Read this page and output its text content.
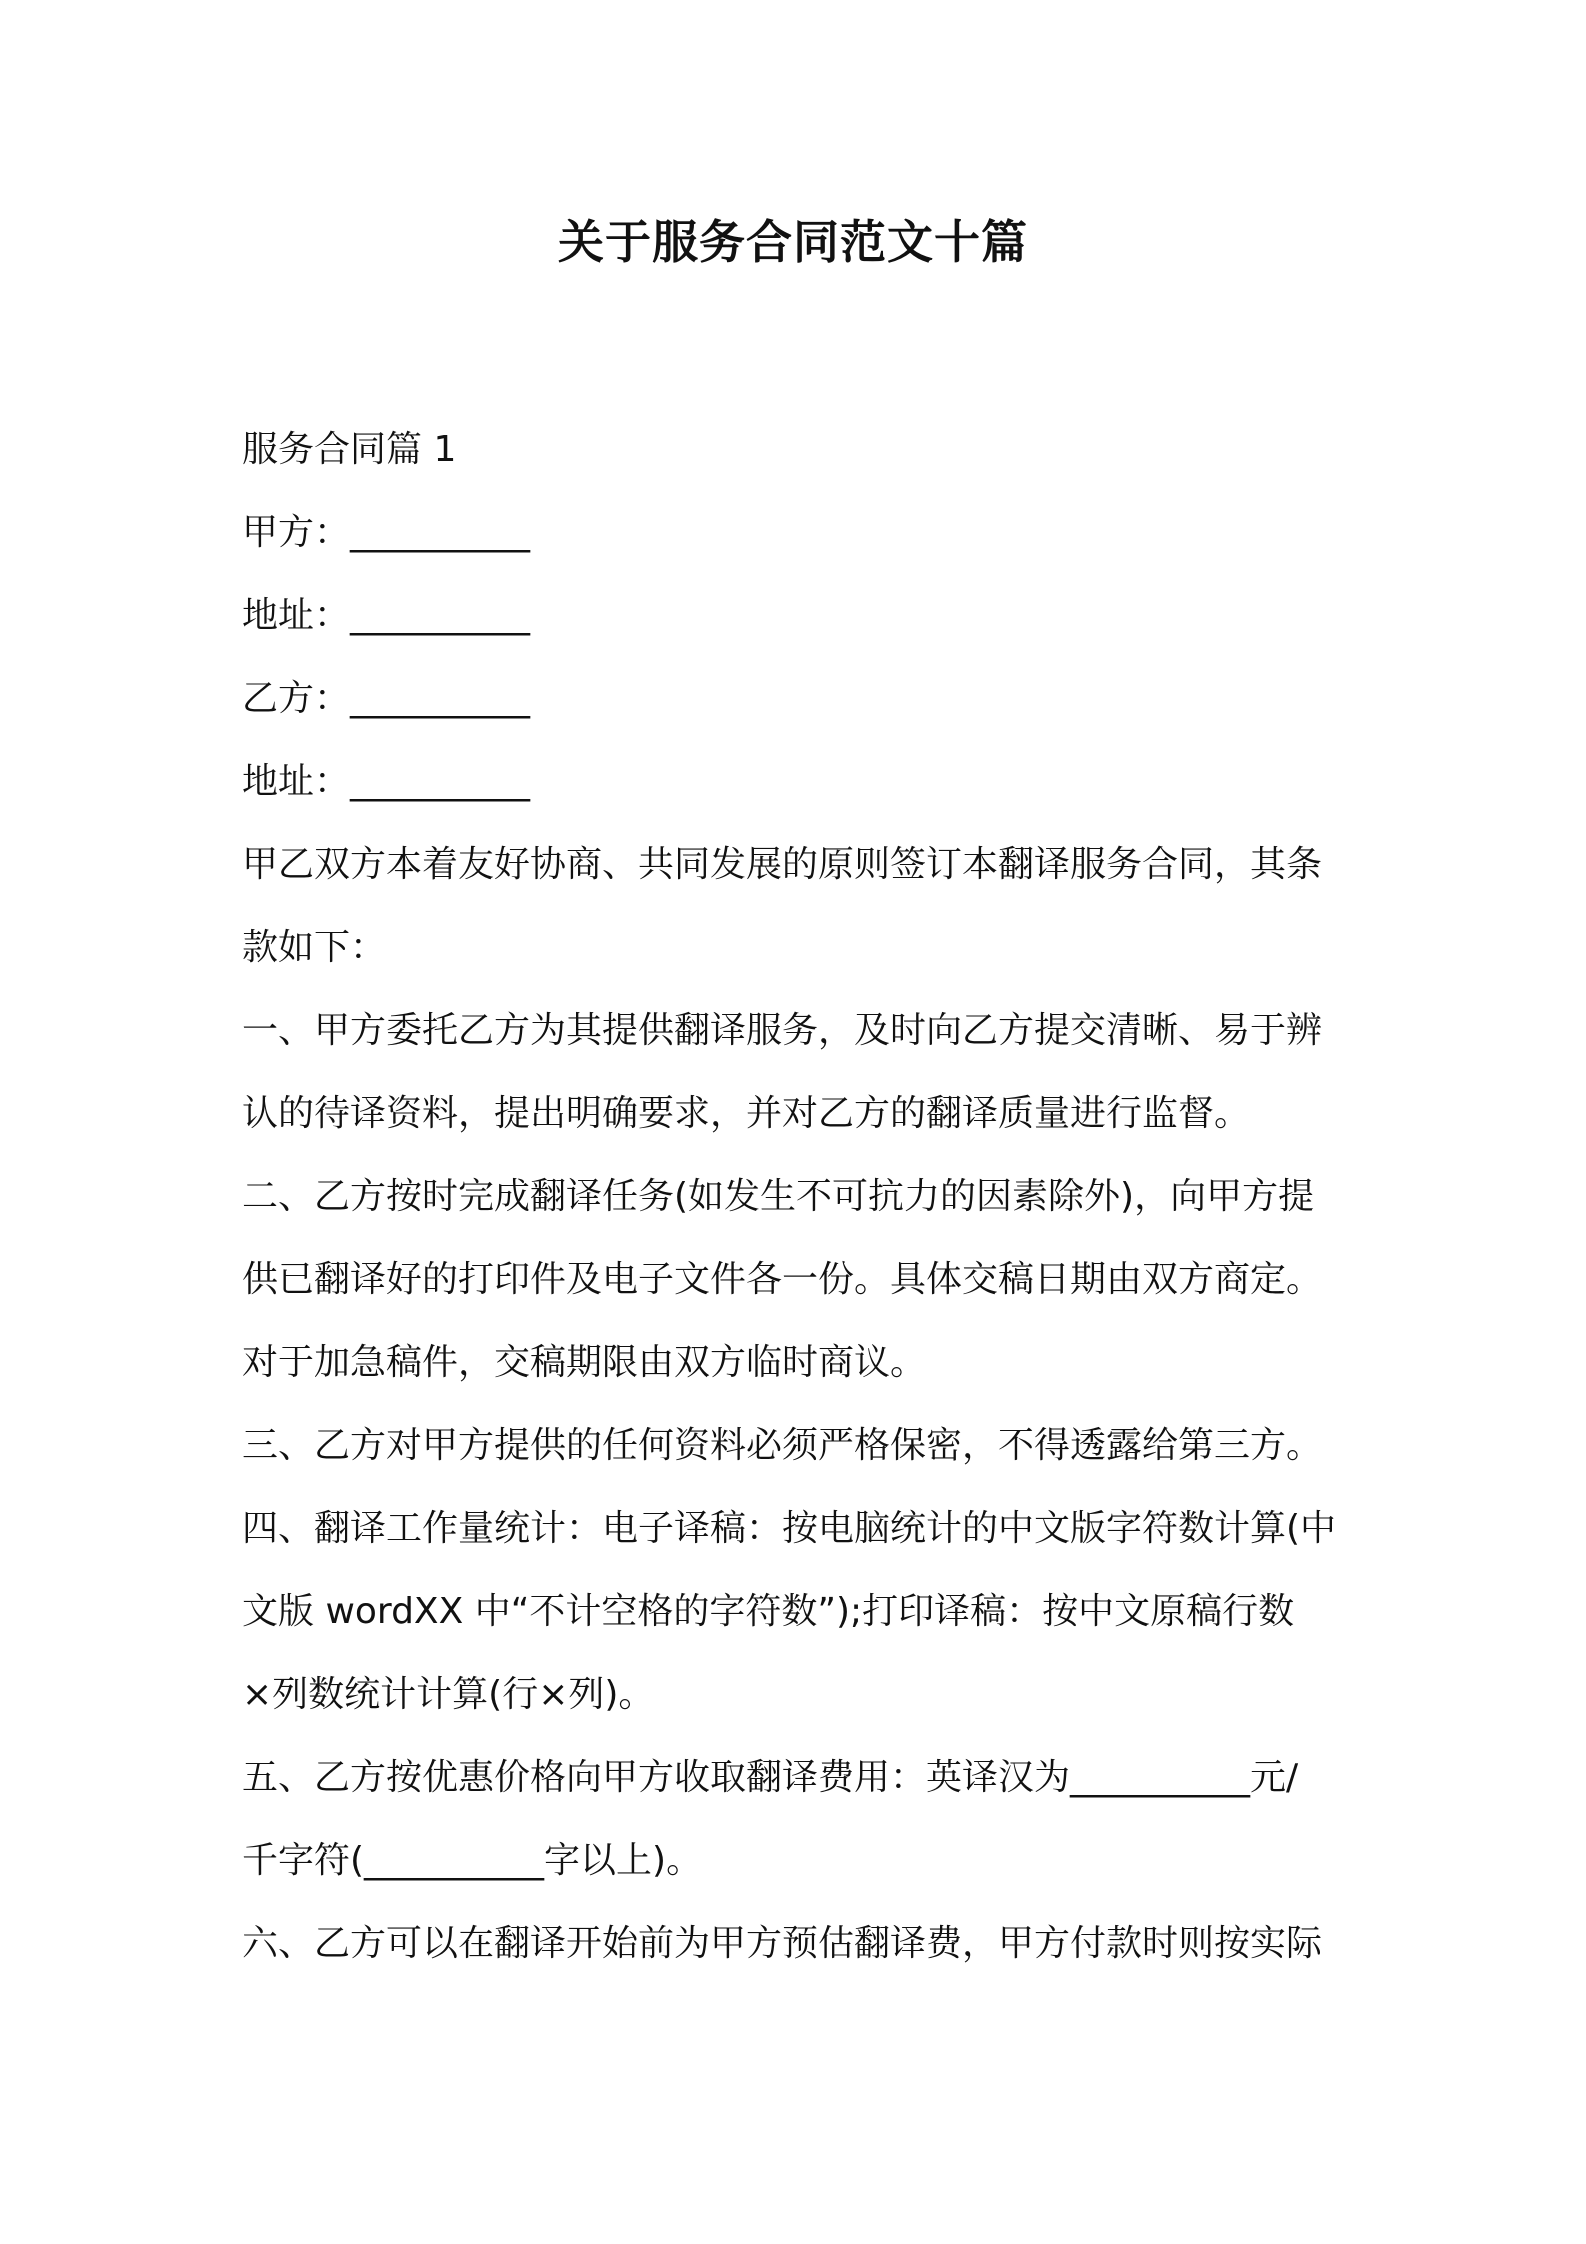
关于服务合同范文十篇
服务合同篇 1
甲方：__________
地址：__________
乙方：__________
地址：__________
甲乙双方本着友好协商、共同发展的原则签订本翻译服务合同，其条
款如下：
一、甲方委托乙方为其提供翻译服务，及时向乙方提交清晰、易于辨
认的待译资料，提出明确要求，并对乙方的翻译质量进行监督。
二、乙方按时完成翻译任务(如发生不可抗力的因素除外)，向甲方提
供已翻译好的打印件及电子文件各一份。具体交稿日期由双方商定。
对于加急稿件，交稿期限由双方临时商议。
三、乙方对甲方提供的任何资料必须严格保密，不得透露给第三方。
四、翻译工作量统计：电子译稿：按电脑统计的中文版字符数计算(中
文版 wordXX 中“不计空格的字符数”);打印译稿：按中文原稿行数
×列数统计计算(行×列)。
五、乙方按优惠价格向甲方收取翻译费用：英译汉为__________元/
千字符(__________字以上)。
六、乙方可以在翻译开始前为甲方预估翻译费，甲方付款时则按实际
